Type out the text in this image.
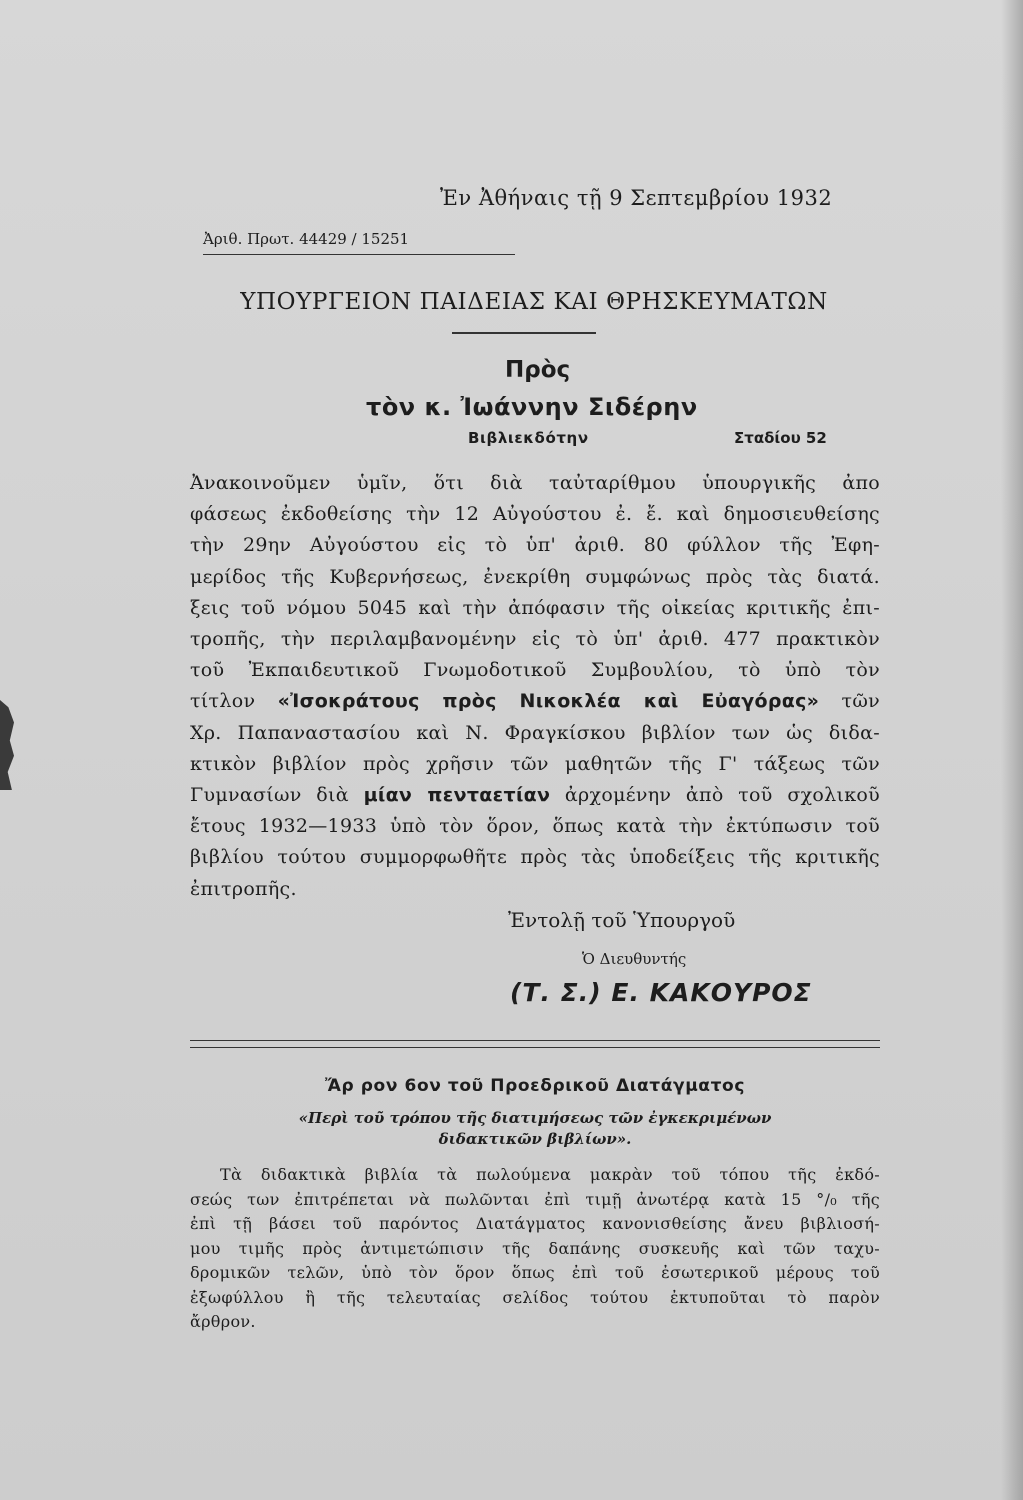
Ἐν Ἀθήναις τῇ 9 Σεπτεμβρίου 1932
Ἀριθ. Πρωτ. 44429 / 15251
ΥΠΟΥΡΓΕΙΟΝ ΠΑΙΔΕΙΑΣ ΚΑΙ ΘΡΗΣΚΕΥΜΑΤΩΝ
Πρὸς
τὸν κ. Ἰωάννην Σιδέρην
Βιβλιεκδότην	Σταδίου 52
Ἀνακοινοῦμεν ὑμῖν, ὅτι διὰ ταὐταρίθμου ὑπουργικῆς ἀπο
φάσεως ἐκδοθείσης τὴν 12 Αὐγούστου ἐ. ἔ. καὶ δημοσιευθείσης
τὴν 29ην Αὐγούστου εἰς τὸ ὑπ' ἀριθ. 80 φύλλον τῆς Ἐφη-
μερίδος τῆς Κυβερνήσεως, ἐνεκρίθη συμφώνως πρὸς τὰς διατά.
ξεις τοῦ νόμου 5045 καὶ τὴν ἀπόφασιν τῆς οἰκείας κριτικῆς ἐπι-
τροπῆς, τὴν περιλαμβανομένην εἰς τὸ ὑπ' ἀριθ. 477 πρακτικὸν
τοῦ Ἐκπαιδευτικοῦ Γνωμοδοτικοῦ Συμβουλίου, τὸ ὑπὸ τὸν
τίτλον «Ἰσοκράτους πρὸς Νικοκλέα καὶ Εὐαγόρας» τῶν
Χρ. Παπαναστασίου καὶ Ν. Φραγκίσκου βιβλίον των ὡς διδα-
κτικὸν βιβλίον πρὸς χρῆσιν τῶν μαθητῶν τῆς Γ' τάξεως τῶν
Γυμνασίων διὰ μίαν πενταετίαν ἀρχομένην ἀπὸ τοῦ σχολικοῦ
ἔτους 1932—1933 ὑπὸ τὸν ὅρον, ὅπως κατὰ τὴν ἐκτύπωσιν τοῦ
βιβλίου τούτου συμμορφωθῆτε πρὸς τὰς ὑποδείξεις τῆς κριτικῆς
ἐπιτροπῆς.
Ἐντολῇ τοῦ Ὑπουργοῦ
Ὁ Διευθυντής
(Τ. Σ.) Ε. ΚΑΚΟΥΡΟΣ
Ἄρ ρον 6ον τοῦ Προεδρικοῦ Διατάγματος
«Περὶ τοῦ τρόπου τῆς διατιμήσεως τῶν ἐγκεκριμένων
διδακτικῶν βιβλίων».
Τὰ διδακτικὰ βιβλία τὰ πωλούμενα μακρὰν τοῦ τόπου τῆς ἐκδό-
σεώς των ἐπιτρέπεται νὰ πωλῶνται ἐπὶ τιμῇ ἀνωτέρᾳ κατὰ 15 °/₀ τῆς
ἐπὶ τῇ βάσει τοῦ παρόντος Διατάγματος κανονισθείσης ἄνευ βιβλιοσή-
μου τιμῆς πρὸς ἀντιμετώπισιν τῆς δαπάνης συσκευῆς καὶ τῶν ταχυ-
δρομικῶν τελῶν, ὑπὸ τὸν ὅρον ὅπως ἐπὶ τοῦ ἐσωτερικοῦ μέρους τοῦ
ἐξωφύλλου ἢ τῆς τελευταίας σελίδος τούτου ἐκτυποῦται τὸ παρὸν
ἄρθρον.
